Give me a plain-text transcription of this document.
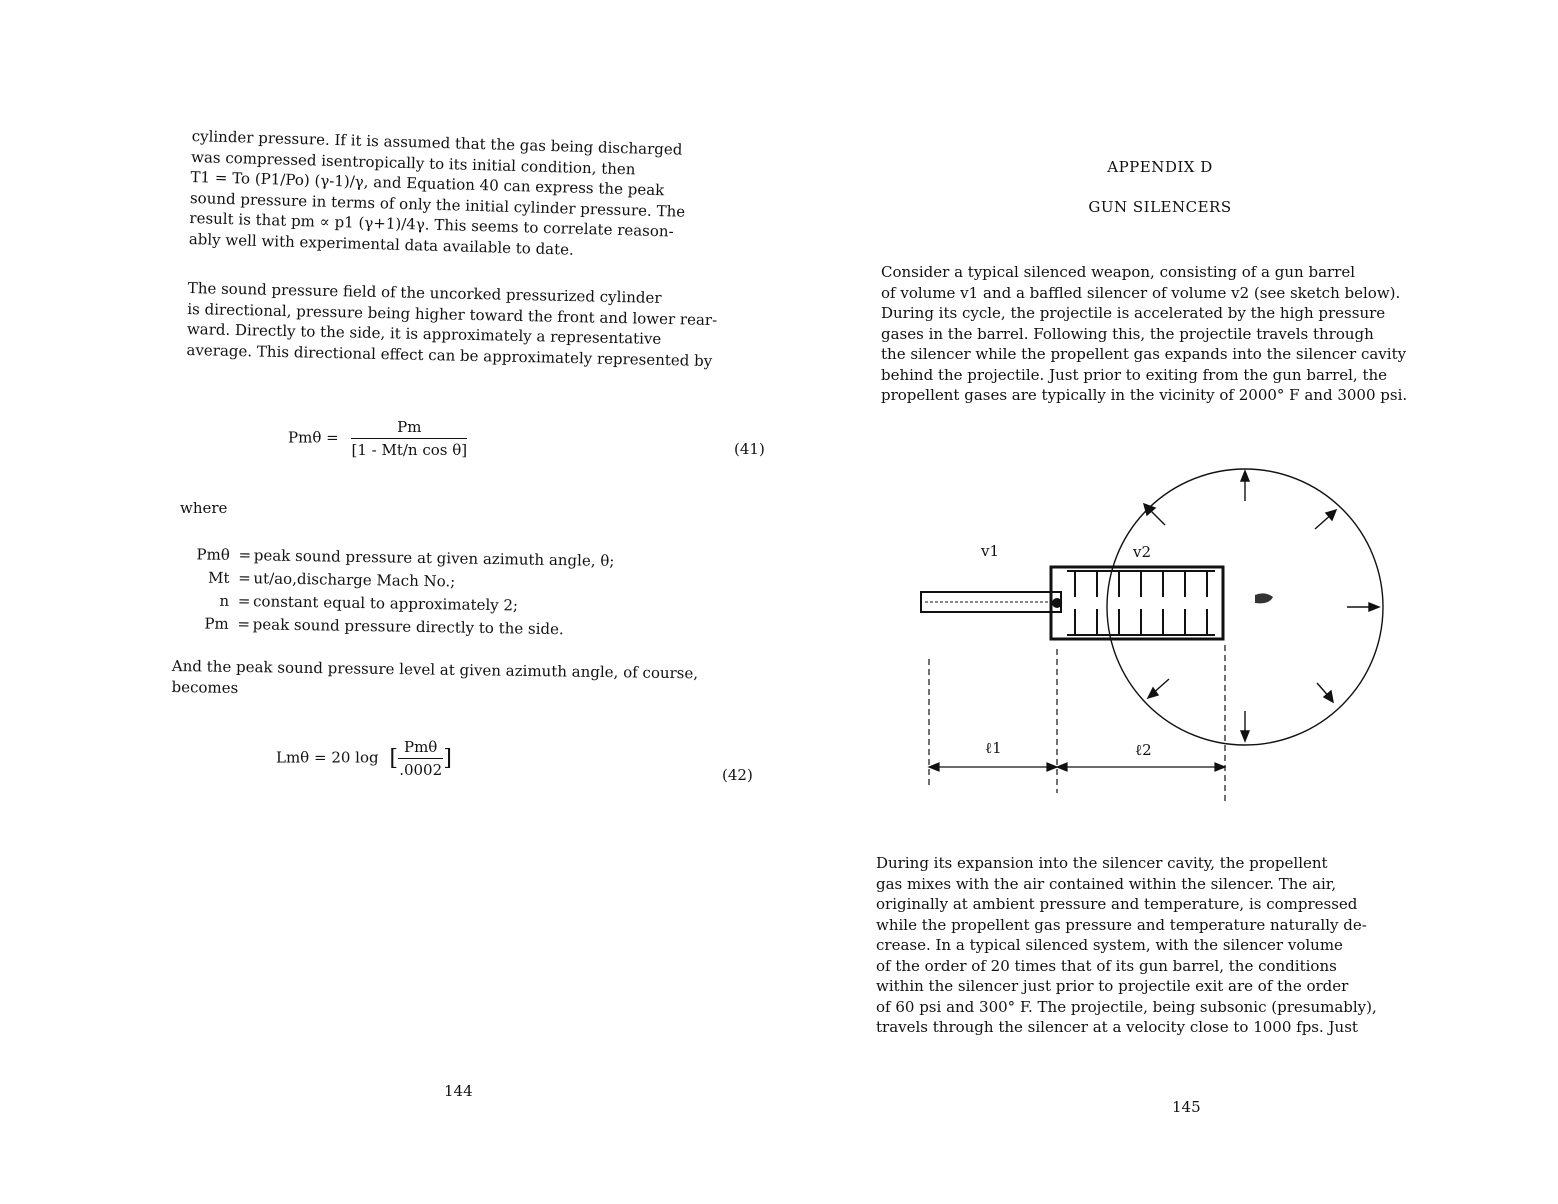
cylinder pressure. If it is assumed that the gas being discharged
was compressed isentropically to its initial condition, then
T1 = To (P1/Po) (γ-1)/γ, and Equation 40 can express the peak
sound pressure in terms of only the initial cylinder pressure. The
result is that pm ∝ p1 (γ+1)/4γ. This seems to correlate reason-
ably well with experimental data available to date.

The sound pressure field of the uncorked pressurized cylinder
is directional, pressure being higher toward the front and lower rear-
ward. Directly to the side, it is approximately a representative
average. This directional effect can be approximately represented by

$Pm\theta = \frac{Pm}{\text{[1 - Mt/n cos θ]}}$	(41)
where
Pmθ = peak sound pressure at given azimuth angle, θ;
Mt = ut/ao,discharge Mach No.;
n = constant equal to approximately 2;
Pm = peak sound pressure directly to the side.

And the peak sound pressure level at given azimuth angle, of course,
becomes

Lmθ = 20 log [ $\frac{\text{Pmθ}}{.0002}$ ]
(42)
144
APPENDIX D
GUN SILENCERS

Consider a typical silenced weapon, consisting of a gun barrel
of volume v1 and a baffled silencer of volume v2 (see sketch below).
During its cycle, the projectile is accelerated by the high pressure
gases in the barrel. Following this, the projectile travels through
the silencer while the propellent gas expands into the silencer cavity
behind the projectile. Just prior to exiting from the gun barrel, the
propellent gases are typically in the vicinity of 2000° F and 3000 psi.

v1	v2
ℓ1	ℓ2

During its expansion into the silencer cavity, the propellent
gas mixes with the air contained within the silencer. The air,
originally at ambient pressure and temperature, is compressed
while the propellent gas pressure and temperature naturally de-
crease. In a typical silenced system, with the silencer volume
of the order of 20 times that of its gun barrel, the conditions
within the silencer just prior to projectile exit are of the order
of 60 psi and 300° F. The projectile, being subsonic (presumably),
travels through the silencer at a velocity close to 1000 fps. Just

145
